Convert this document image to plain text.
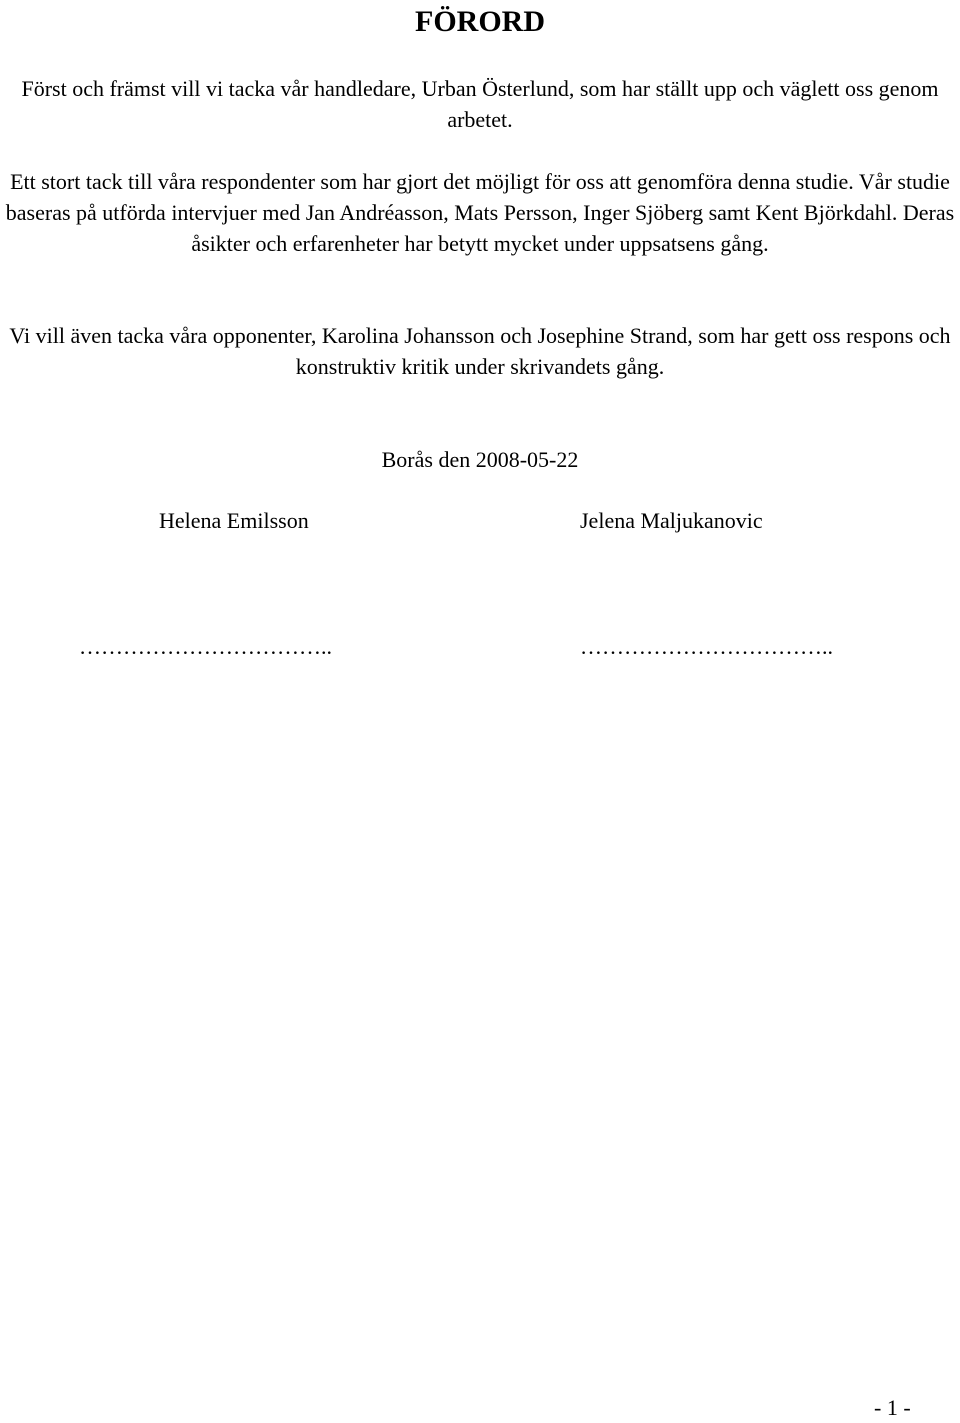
FÖRORD

Först och främst vill vi tacka vår handledare, Urban Österlund, som har ställt upp och väglett oss genom arbetet.

Ett stort tack till våra respondenter som har gjort det möjligt för oss att genomföra denna studie. Vår studie baseras på utförda intervjuer med Jan Andréasson, Mats Persson, Inger Sjöberg samt Kent Björkdahl. Deras åsikter och erfarenheter har betytt mycket under uppsatsens gång.

Vi vill även tacka våra opponenter, Karolina Johansson och Josephine Strand, som har gett oss respons och konstruktiv kritik under skrivandets gång.

Borås den 2008-05-22

Helena Emilsson	Jelena Maljukanovic
……………………………..	……………………………..
- 1 -
